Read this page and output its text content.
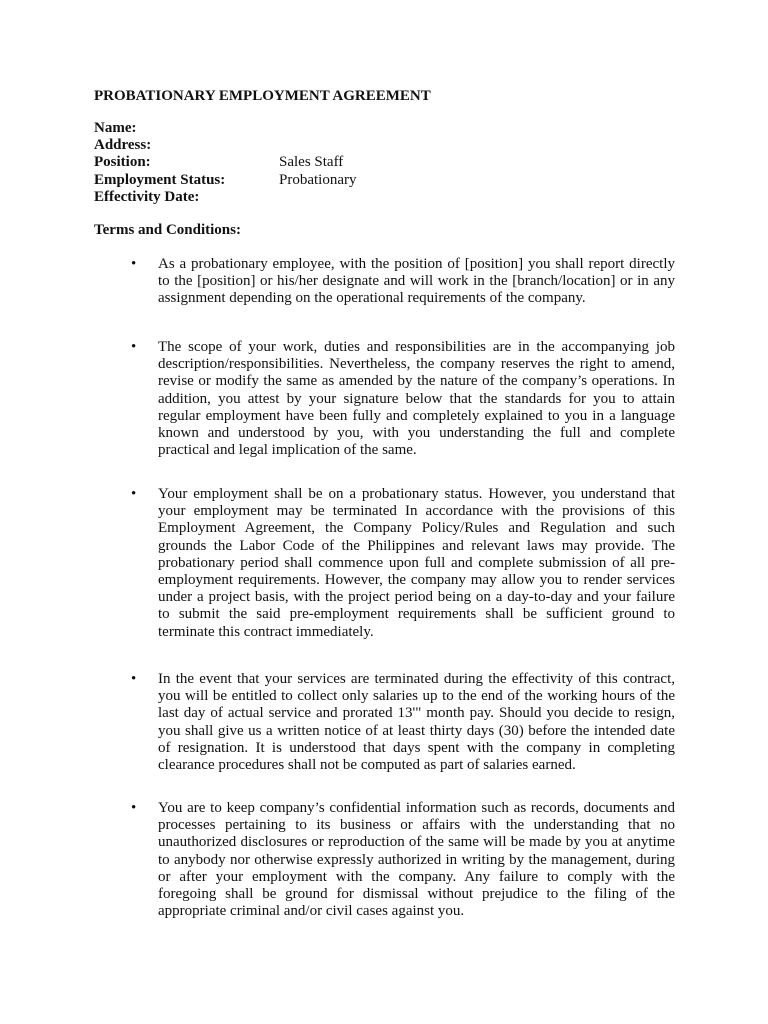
PROBATIONARY EMPLOYMENT AGREEMENT
Name:
Address:
Position:	Sales Staff
Employment Status:	Probationary
Effectivity Date:
Terms and Conditions:
• As a probationary employee, with the position of [position] you shall report directly
to the [position] or his/her designate and will work in the [branch/location] or in any
assignment depending on the operational requirements of the company.
• The scope of your work, duties and responsibilities are in the accompanying job
description/responsibilities. Nevertheless, the company reserves the right to amend,
revise or modify the same as amended by the nature of the company’s operations. In
addition, you attest by your signature below that the standards for you to attain
regular employment have been fully and completely explained to you in a language
known and understood by you, with you understanding the full and complete
practical and legal implication of the same.
• Your employment shall be on a probationary status. However, you understand that
your employment may be terminated In accordance with the provisions of this
Employment Agreement, the Company Policy/Rules and Regulation and such
grounds the Labor Code of the Philippines and relevant laws may provide. The
probationary period shall commence upon full and complete submission of all pre-
employment requirements. However, the company may allow you to render services
under a project basis, with the project period being on a day-to-day and your failure
to submit the said pre-employment requirements shall be sufficient ground to
terminate this contract immediately.
• In the event that your services are terminated during the effectivity of this contract,
you will be entitled to collect only salaries up to the end of the working hours of the
last day of actual service and prorated 13'" month pay. Should you decide to resign,
you shall give us a written notice of at least thirty days (30) before the intended date
of resignation. It is understood that days spent with the company in completing
clearance procedures shall not be computed as part of salaries earned.
• You are to keep company’s confidential information such as records, documents and
processes pertaining to its business or affairs with the understanding that no
unauthorized disclosures or reproduction of the same will be made by you at anytime
to anybody nor otherwise expressly authorized in writing by the management, during
or after your employment with the company. Any failure to comply with the
foregoing shall be ground for dismissal without prejudice to the filing of the
appropriate criminal and/or civil cases against you.
